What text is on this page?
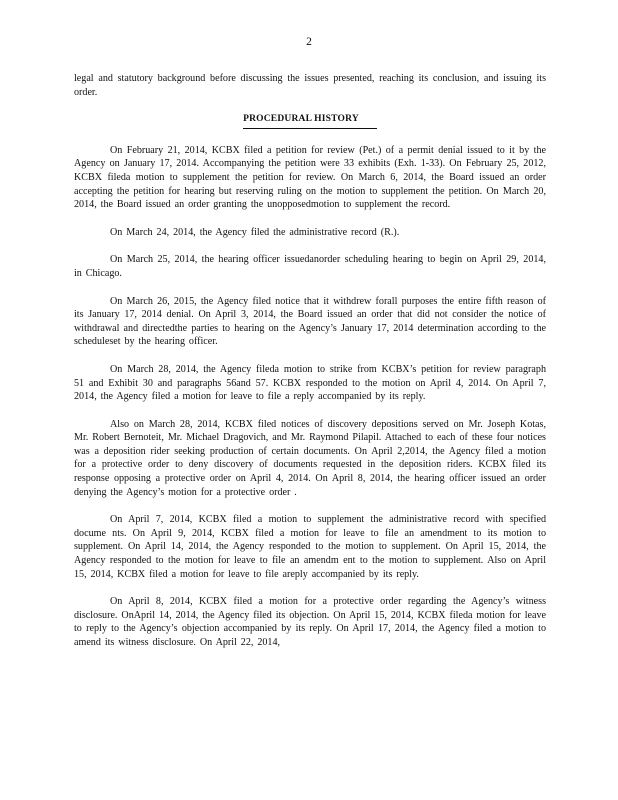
2

legal and statutory background before discussing the issues presented, reaching its conclusion, and issuing its order.

PROCEDURAL HISTORY

On February 21, 2014, KCBX filed a petition for review (Pet.) of a permit denial issued to it by the Agency on January 17, 2014. Accompanying the petition were 33 exhibits (Exh. 1-33). On February 25, 2012, KCBX fileda motion to supplement the petition for review. On March 6, 2014, the Board issued an order accepting the petition for hearing but reserving ruling on the motion to supplement the petition. On March 20, 2014, the Board issued an order granting the unopposedmotion to supplement the record.

On March 24, 2014, the Agency filed the administrative record (R.).

On March 25, 2014, the hearing officer issuedanorder scheduling hearing to begin on April 29, 2014, in Chicago.

On March 26, 2015, the Agency filed notice that it withdrew forall purposes the entire fifth reason of its January 17, 2014 denial. On April 3, 2014, the Board issued an order that did not consider the notice of withdrawal and directedthe parties to hearing on the Agency’s January 17, 2014 determination according to the scheduleset by the hearing officer.

On March 28, 2014, the Agency fileda motion to strike from KCBX’s petition for review paragraph 51 and Exhibit 30 and paragraphs 56and 57. KCBX responded to the motion on April 4, 2014. On April 7, 2014, the Agency filed a motion for leave to file a reply accompanied by its reply.

Also on March 28, 2014, KCBX filed notices of discovery depositions served on Mr. Joseph Kotas, Mr. Robert Bernoteit, Mr. Michael Dragovich, and Mr. Raymond Pilapil. Attached to each of these four notices was a deposition rider seeking production of certain documents. On April 2,2014, the Agency filed a motion for a protective order to deny discovery of documents requested in the deposition riders. KCBX filed its response opposing a protective order on April 4, 2014. On April 8, 2014, the hearing officer issued an order denying the Agency’s motion for a protective order .

On April 7, 2014, KCBX filed a motion to supplement the administrative record with specified docume nts. On April 9, 2014, KCBX filed a motion for leave to file an amendment to its motion to supplement. On April 14, 2014, the Agency responded to the motion to supplement. On April 15, 2014, the Agency responded to the motion for leave to file an amendm ent to the motion to supplement. Also on April 15, 2014, KCBX filed a motion for leave to file areply accompanied by its reply.

On April 8, 2014, KCBX filed a motion for a protective order regarding the Agency’s witness disclosure. OnApril 14, 2014, the Agency filed its objection. On April 15, 2014, KCBX fileda motion for leave to reply to the Agency’s objection accompanied by its reply. On April 17, 2014, the Agency filed a motion to amend its witness disclosure. On April 22, 2014,
